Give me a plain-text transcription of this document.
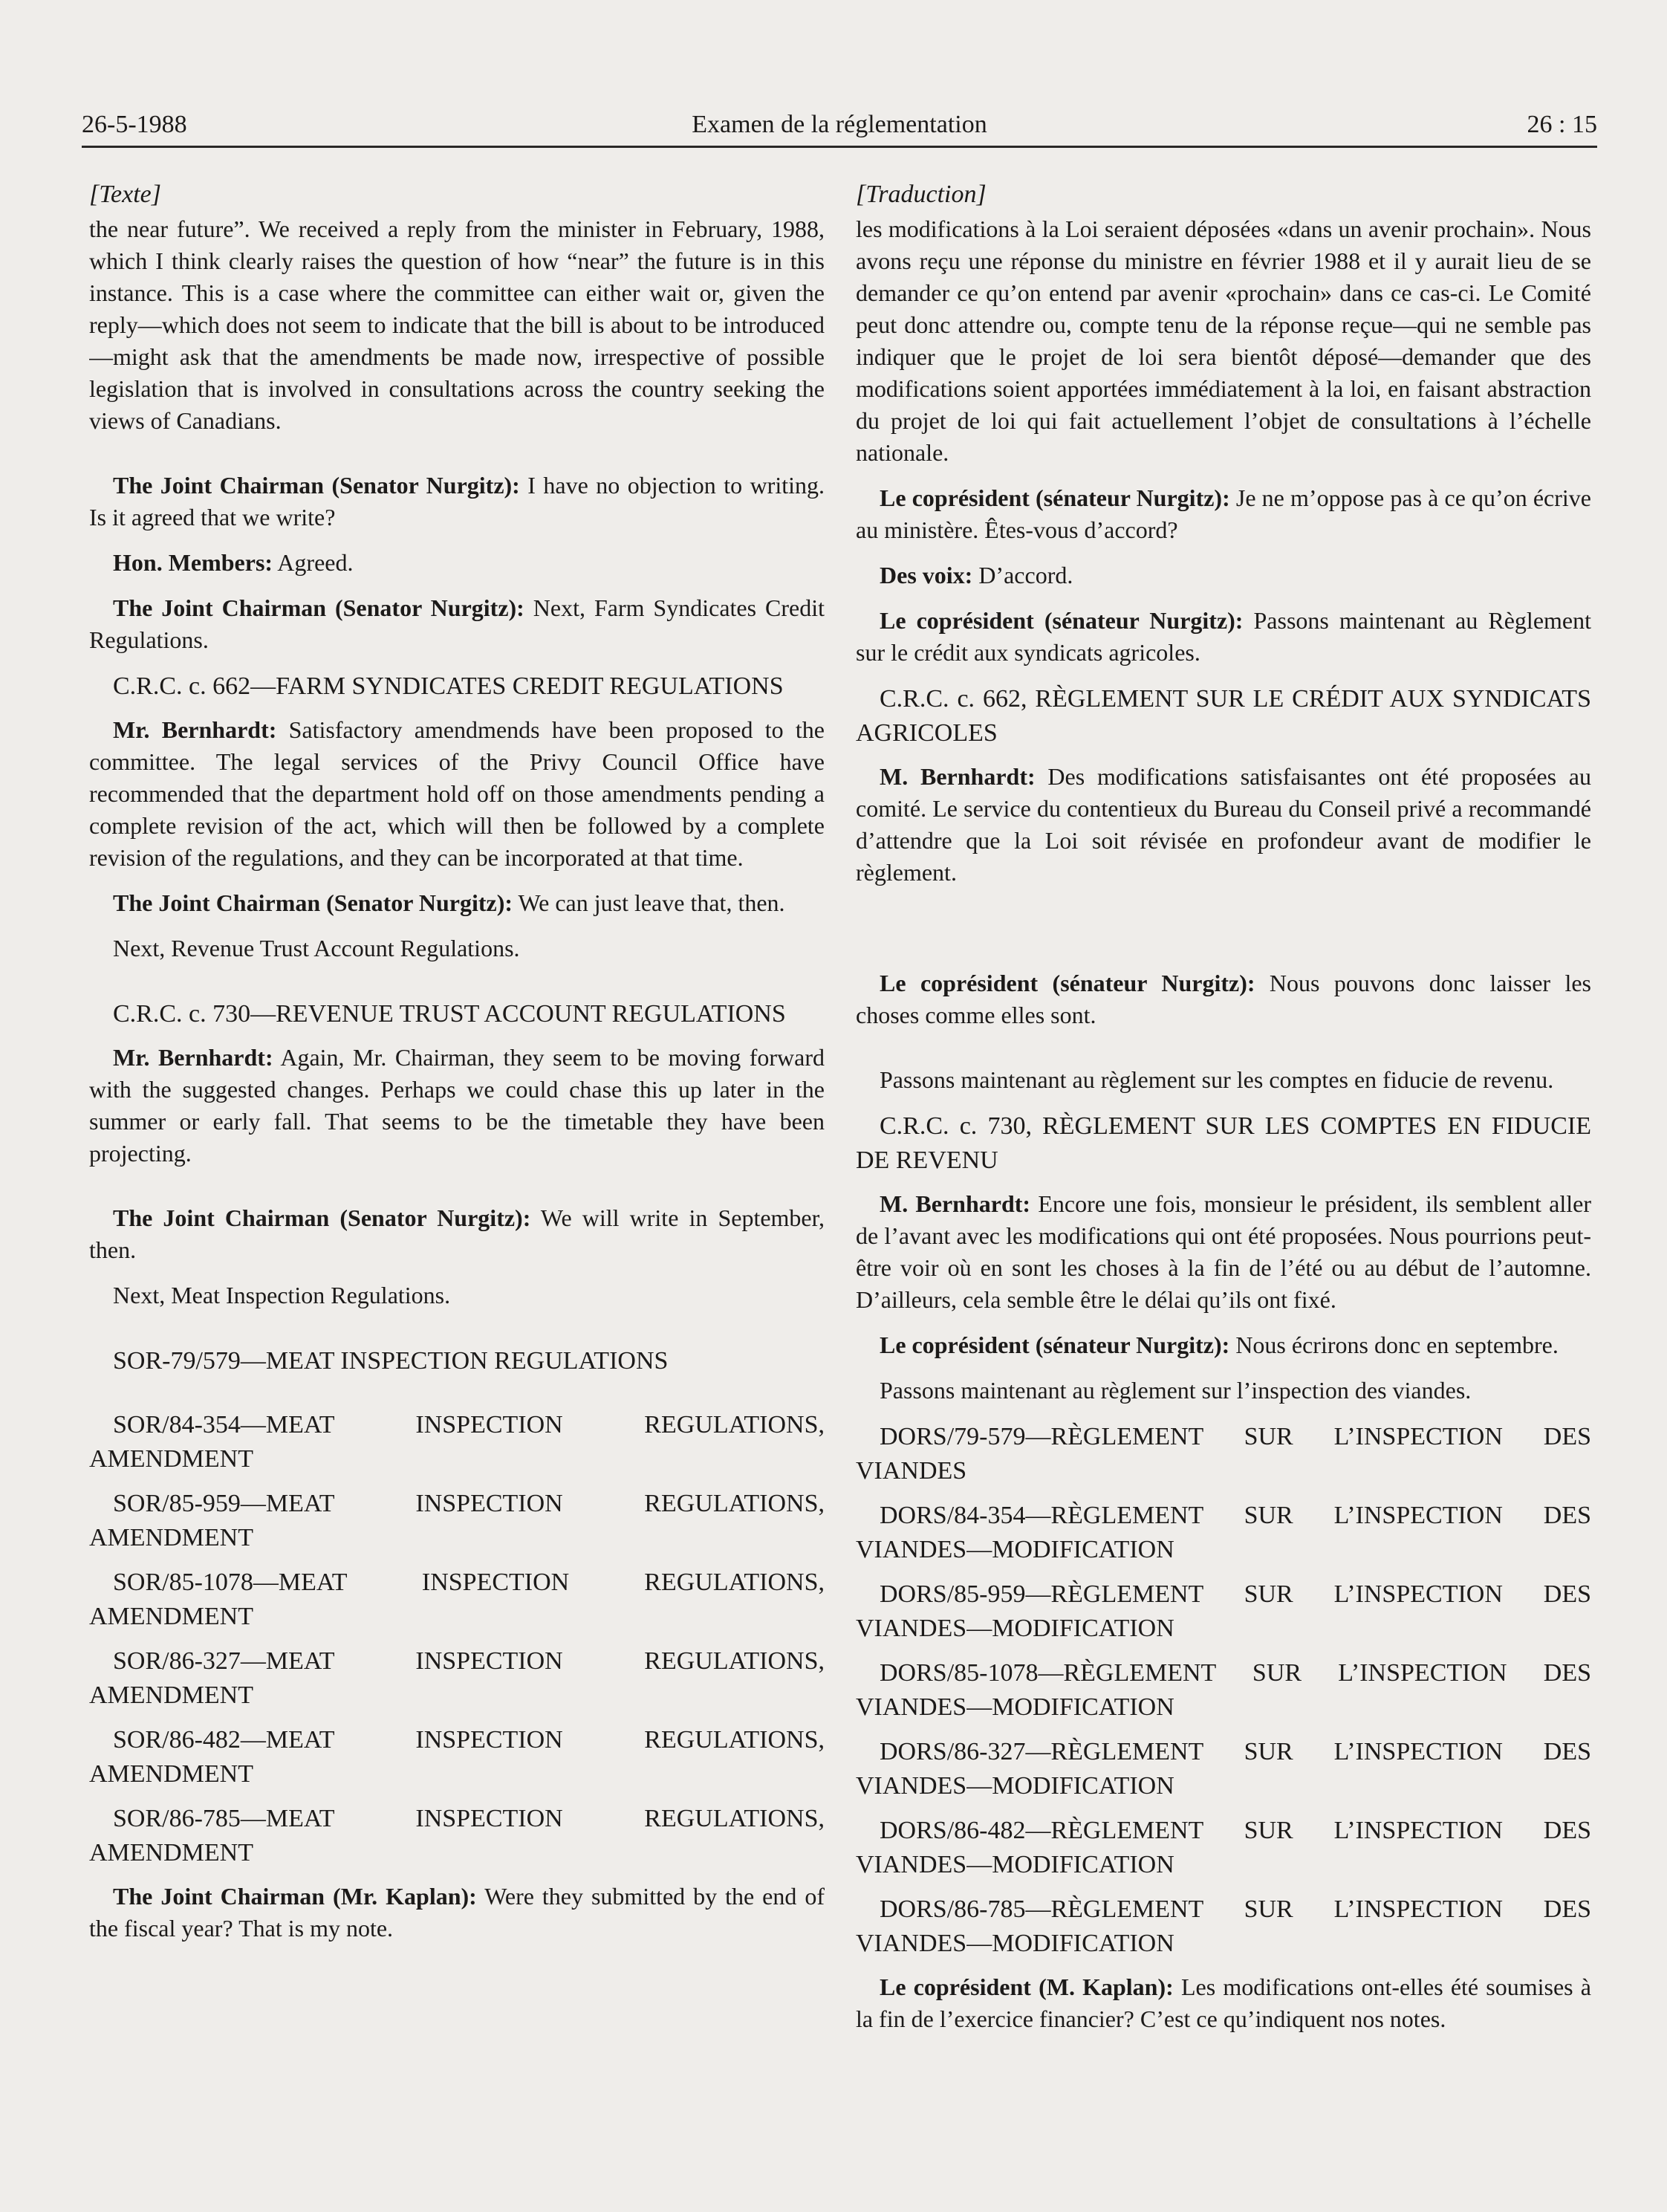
26-5-1988	Examen de la réglementation	26 : 15
[Texte]

the near future”. We received a reply from the minister in February, 1988, which I think clearly raises the question of how “near” the future is in this instance. This is a case where the committee can either wait or, given the reply—which does not seem to indicate that the bill is about to be introduced—might ask that the amendments be made now, irrespective of possible legislation that is involved in consultations across the country seeking the views of Canadians.

The Joint Chairman (Senator Nurgitz): I have no objection to writing. Is it agreed that we write?

Hon. Members: Agreed.

The Joint Chairman (Senator Nurgitz): Next, Farm Syndicates Credit Regulations.

C.R.C. c. 662—FARM SYNDICATES CREDIT REGULATIONS

Mr. Bernhardt: Satisfactory amendmends have been proposed to the committee. The legal services of the Privy Council Office have recommended that the department hold off on those amendments pending a complete revision of the act, which will then be followed by a complete revision of the regulations, and they can be incorporated at that time.

The Joint Chairman (Senator Nurgitz): We can just leave that, then.

Next, Revenue Trust Account Regulations.

C.R.C. c. 730—REVENUE TRUST ACCOUNT REGULATIONS

Mr. Bernhardt: Again, Mr. Chairman, they seem to be moving forward with the suggested changes. Perhaps we could chase this up later in the summer or early fall. That seems to be the timetable they have been projecting.

The Joint Chairman (Senator Nurgitz): We will write in September, then.

Next, Meat Inspection Regulations.

SOR-79/579—MEAT INSPECTION REGULATIONS
SOR/84-354—MEAT INSPECTION REGULATIONS, AMENDMENT
SOR/85-959—MEAT INSPECTION REGULATIONS, AMENDMENT
SOR/85-1078—MEAT INSPECTION REGULATIONS, AMENDMENT
SOR/86-327—MEAT INSPECTION REGULATIONS, AMENDMENT
SOR/86-482—MEAT INSPECTION REGULATIONS, AMENDMENT
SOR/86-785—MEAT INSPECTION REGULATIONS, AMENDMENT

The Joint Chairman (Mr. Kaplan): Were they submitted by the end of the fiscal year? That is my note.

[Traduction]

les modifications à la Loi seraient déposées «dans un avenir prochain». Nous avons reçu une réponse du ministre en février 1988 et il y aurait lieu de se demander ce qu’on entend par avenir «prochain» dans ce cas-ci. Le Comité peut donc attendre ou, compte tenu de la réponse reçue—qui ne semble pas indiquer que le projet de loi sera bientôt déposé—demander que des modifications soient apportées immédiatement à la loi, en faisant abstraction du projet de loi qui fait actuellement l’objet de consultations à l’échelle nationale.

Le coprésident (sénateur Nurgitz): Je ne m’oppose pas à ce qu’on écrive au ministère. Êtes-vous d’accord?

Des voix: D’accord.

Le coprésident (sénateur Nurgitz): Passons maintenant au Règlement sur le crédit aux syndicats agricoles.

C.R.C. c. 662, RÈGLEMENT SUR LE CRÉDIT AUX SYNDICATS AGRICOLES

M. Bernhardt: Des modifications satisfaisantes ont été proposées au comité. Le service du contentieux du Bureau du Conseil privé a recommandé d’attendre que la Loi soit révisée en profondeur avant de modifier le règlement.

Le coprésident (sénateur Nurgitz): Nous pouvons donc laisser les choses comme elles sont.

Passons maintenant au règlement sur les comptes en fiducie de revenu.

C.R.C. c. 730, RÈGLEMENT SUR LES COMPTES EN FIDUCIE DE REVENU

M. Bernhardt: Encore une fois, monsieur le président, ils semblent aller de l’avant avec les modifications qui ont été proposées. Nous pourrions peut-être voir où en sont les choses à la fin de l’été ou au début de l’automne. D’ailleurs, cela semble être le délai qu’ils ont fixé.

Le coprésident (sénateur Nurgitz): Nous écrirons donc en septembre.

Passons maintenant au règlement sur l’inspection des viandes.

DORS/79-579—RÈGLEMENT SUR L’INSPECTION DES VIANDES
DORS/84-354—RÈGLEMENT SUR L’INSPECTION DES VIANDES—MODIFICATION
DORS/85-959—RÈGLEMENT SUR L’INSPECTION DES VIANDES—MODIFICATION
DORS/85-1078—RÈGLEMENT SUR L’INSPECTION DES VIANDES—MODIFICATION
DORS/86-327—RÈGLEMENT SUR L’INSPECTION DES VIANDES—MODIFICATION
DORS/86-482—RÈGLEMENT SUR L’INSPECTION DES VIANDES—MODIFICATION
DORS/86-785—RÈGLEMENT SUR L’INSPECTION DES VIANDES—MODIFICATION

Le coprésident (M. Kaplan): Les modifications ont-elles été soumises à la fin de l’exercice financier? C’est ce qu’indiquent nos notes.
